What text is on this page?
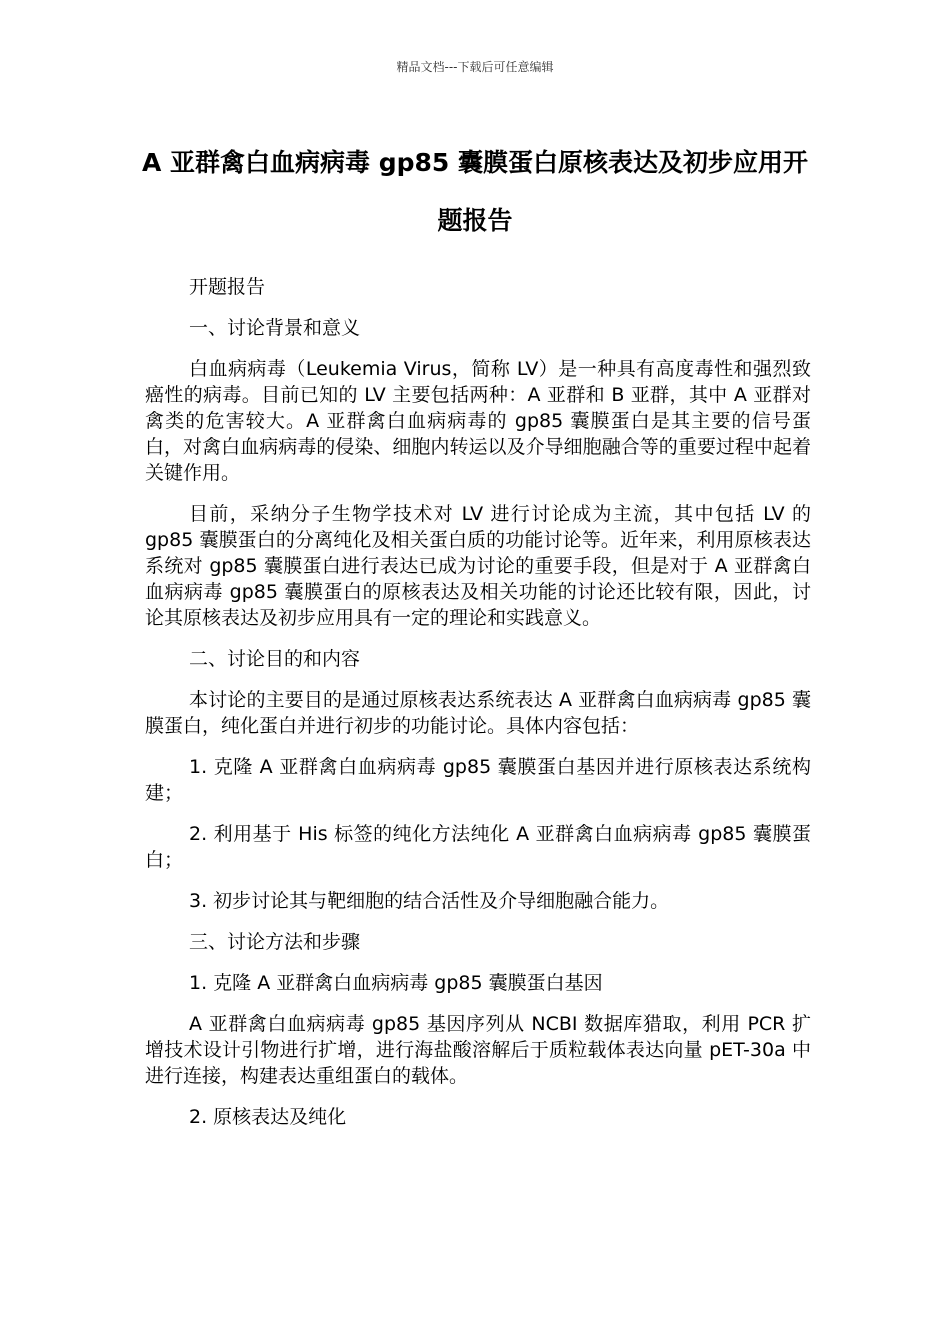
精品文档---下载后可任意编辑
A 亚群禽白血病病毒 gp85 囊膜蛋白原核表达及初步应用开题报告

开题报告

一、讨论背景和意义

白血病病毒（Leukemia Virus，简称 LV）是一种具有高度毒性和强烈致癌性的病毒。目前已知的 LV 主要包括两种：A 亚群和 B 亚群，其中 A 亚群对禽类的危害较大。A 亚群禽白血病病毒的 gp85 囊膜蛋白是其主要的信号蛋白，对禽白血病病毒的侵染、细胞内转运以及介导细胞融合等的重要过程中起着关键作用。

目前，采纳分子生物学技术对 LV 进行讨论成为主流，其中包括 LV 的 gp85 囊膜蛋白的分离纯化及相关蛋白质的功能讨论等。近年来，利用原核表达系统对 gp85 囊膜蛋白进行表达已成为讨论的重要手段，但是对于 A 亚群禽白血病病毒 gp85 囊膜蛋白的原核表达及相关功能的讨论还比较有限，因此，讨论其原核表达及初步应用具有一定的理论和实践意义。

二、讨论目的和内容

本讨论的主要目的是通过原核表达系统表达 A 亚群禽白血病病毒 gp85 囊膜蛋白，纯化蛋白并进行初步的功能讨论。具体内容包括：

1. 克隆 A 亚群禽白血病病毒 gp85 囊膜蛋白基因并进行原核表达系统构建；

2. 利用基于 His 标签的纯化方法纯化 A 亚群禽白血病病毒 gp85 囊膜蛋白；

3. 初步讨论其与靶细胞的结合活性及介导细胞融合能力。

三、讨论方法和步骤

1. 克隆 A 亚群禽白血病病毒 gp85 囊膜蛋白基因

A 亚群禽白血病病毒 gp85 基因序列从 NCBI 数据库猎取，利用 PCR 扩增技术设计引物进行扩增，进行海盐酸溶解后于质粒载体表达向量 pET-30a 中进行连接，构建表达重组蛋白的载体。

2. 原核表达及纯化
